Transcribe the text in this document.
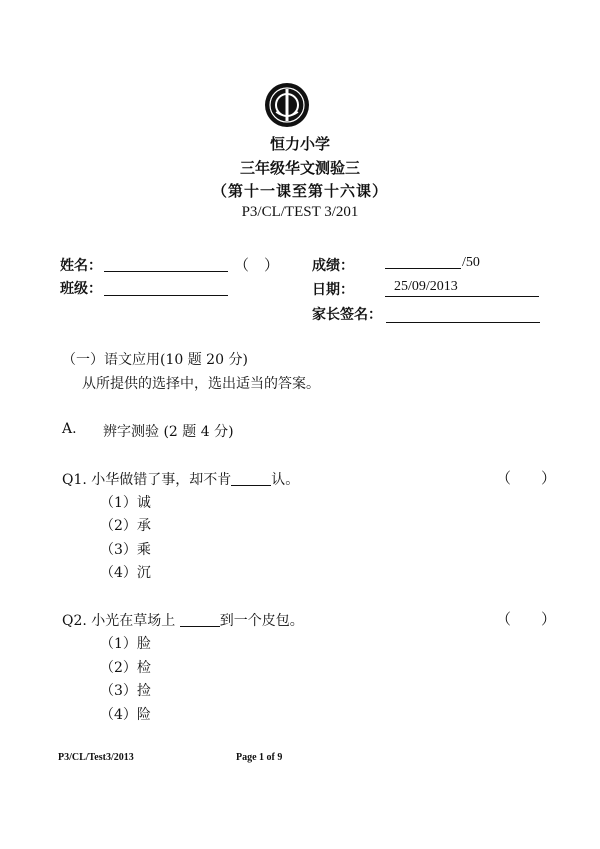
恒力小学
三年级华文测验三
（第十一课至第十六课）
P3/CL/TEST 3/201
姓名：	（　）
班级：
成绩：	/50
日期：	25/09/2013
家长签名：
（一）语文应用(10 题 20 分)
从所提供的选择中，选出适当的答案。
A. 辨字测验 (2 题 4 分)
Q1. 小华做错了事，却不肯	认。	（　　）
（1）诚
（2）承
（3）乘
（4）沉
Q2. 小光在草场上	到一个皮包。	（　　）
（1）脸
（2）检
（3）捡
（4）险
P3/CL/Test3/2013	Page 1 of 9
